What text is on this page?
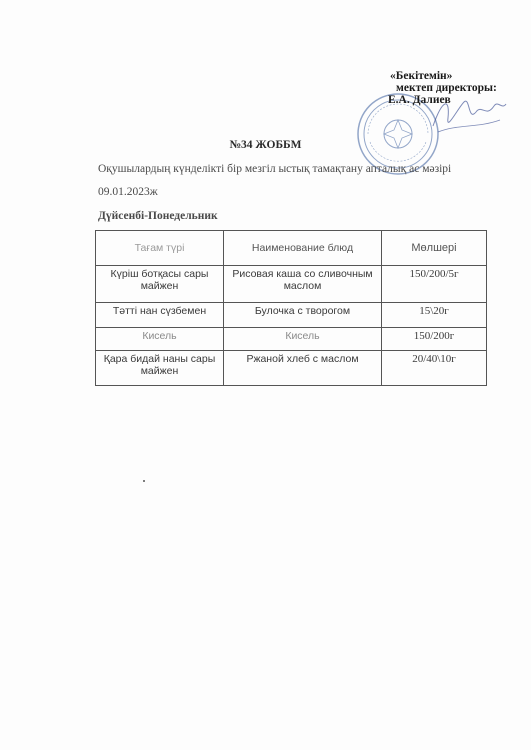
«Бекітемін»
мектеп директоры:
Е.А. Далиев
№34 ЖОББМ
Оқушылардың күнделікті бір мезгіл ыстық тамақтану апталық ас мәзірі
09.01.2023ж
Дүйсенбі-Понедельник
Тағам түрі	Наименование блюд	Мөлшері
Күріш ботқасы сары майжен	Рисовая каша со сливочным маслом	150/200/5г
Тәтті нан сүзбемен	Булочка с творогом	15\20г
Кисель	Кисель	150/200г
Қара бидай наны сары майжен	Ржаной хлеб с маслом	20/40\10г
